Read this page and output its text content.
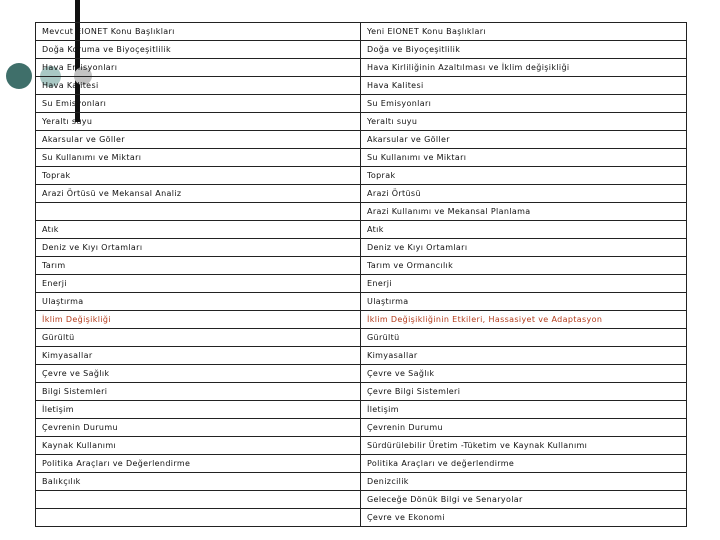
Mevcut EIONET Konu Başlıkları	Yeni EIONET Konu Başlıkları
Doğa Koruma ve Biyoçeşitlilik	Doğa ve Biyoçeşitlilik
Hava Emisyonları	Hava Kirliliğinin Azaltılması ve İklim değişikliği
Hava Kalitesi	Hava Kalitesi
Su Emisyonları	Su Emisyonları
Yeraltı suyu	Yeraltı suyu
Akarsular ve Göller	Akarsular ve Göller
Su Kullanımı ve Miktarı	Su Kullanımı ve Miktarı
Toprak	Toprak
Arazi Örtüsü ve Mekansal Analiz	Arazi Örtüsü
	Arazi Kullanımı ve Mekansal Planlama
Atık	Atık
Deniz ve Kıyı Ortamları	Deniz ve Kıyı Ortamları
Tarım	Tarım ve Ormancılık
Enerji	Enerji
Ulaştırma	Ulaştırma
İklim Değişikliği	İklim Değişikliğinin Etkileri, Hassasiyet ve Adaptasyon
Gürültü	Gürültü
Kimyasallar	Kimyasallar
Çevre ve Sağlık	Çevre ve Sağlık
Bilgi Sistemleri	Çevre Bilgi Sistemleri
İletişim	İletişim
Çevrenin Durumu	Çevrenin Durumu
Kaynak Kullanımı	Sürdürülebilir Üretim -Tüketim ve Kaynak Kullanımı
Politika Araçları ve Değerlendirme	Politika Araçları ve değerlendirme
Balıkçılık	Denizcilik
	Geleceğe Dönük Bilgi ve Senaryolar
	Çevre ve Ekonomi
